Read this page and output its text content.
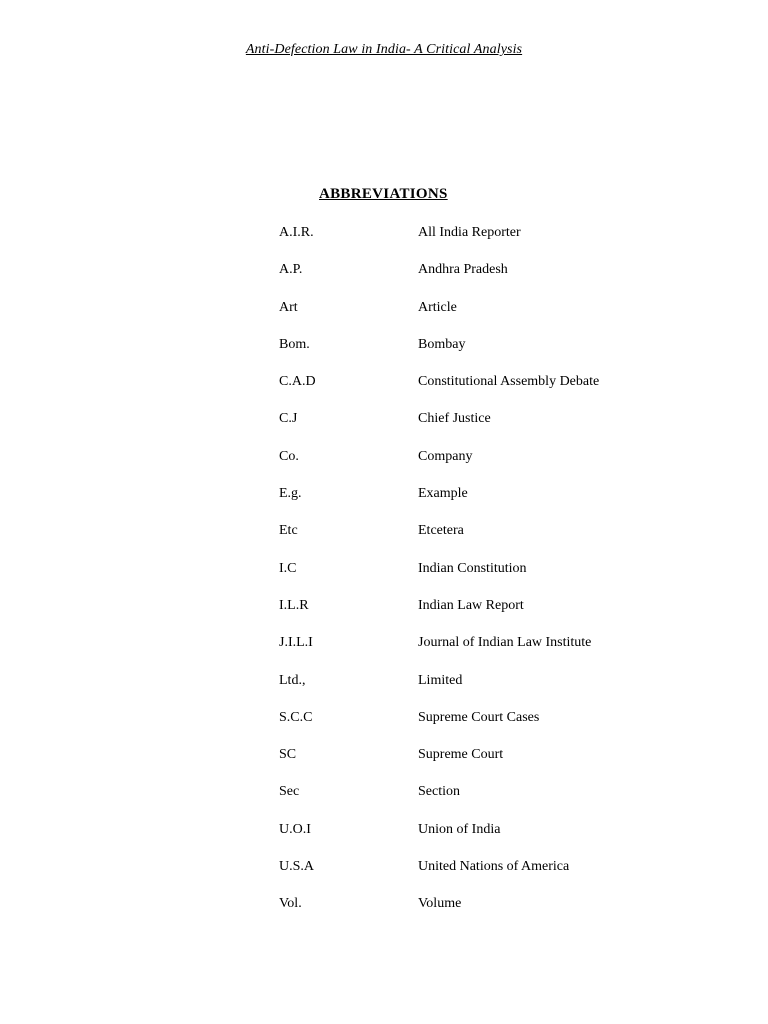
Anti-Defection Law in India- A Critical Analysis
ABBREVIATIONS
A.I.R.	All India Reporter
A.P.	Andhra Pradesh
Art	Article
Bom.	Bombay
C.A.D	Constitutional Assembly Debate
C.J	Chief Justice
Co.	Company
E.g.	Example
Etc	Etcetera
I.C	Indian Constitution
I.L.R	Indian Law Report
J.I.L.I	Journal of Indian Law Institute
Ltd.,	Limited
S.C.C	Supreme Court Cases
SC	Supreme Court
Sec	Section
U.O.I	Union of India
U.S.A	United Nations of America
Vol.	Volume
